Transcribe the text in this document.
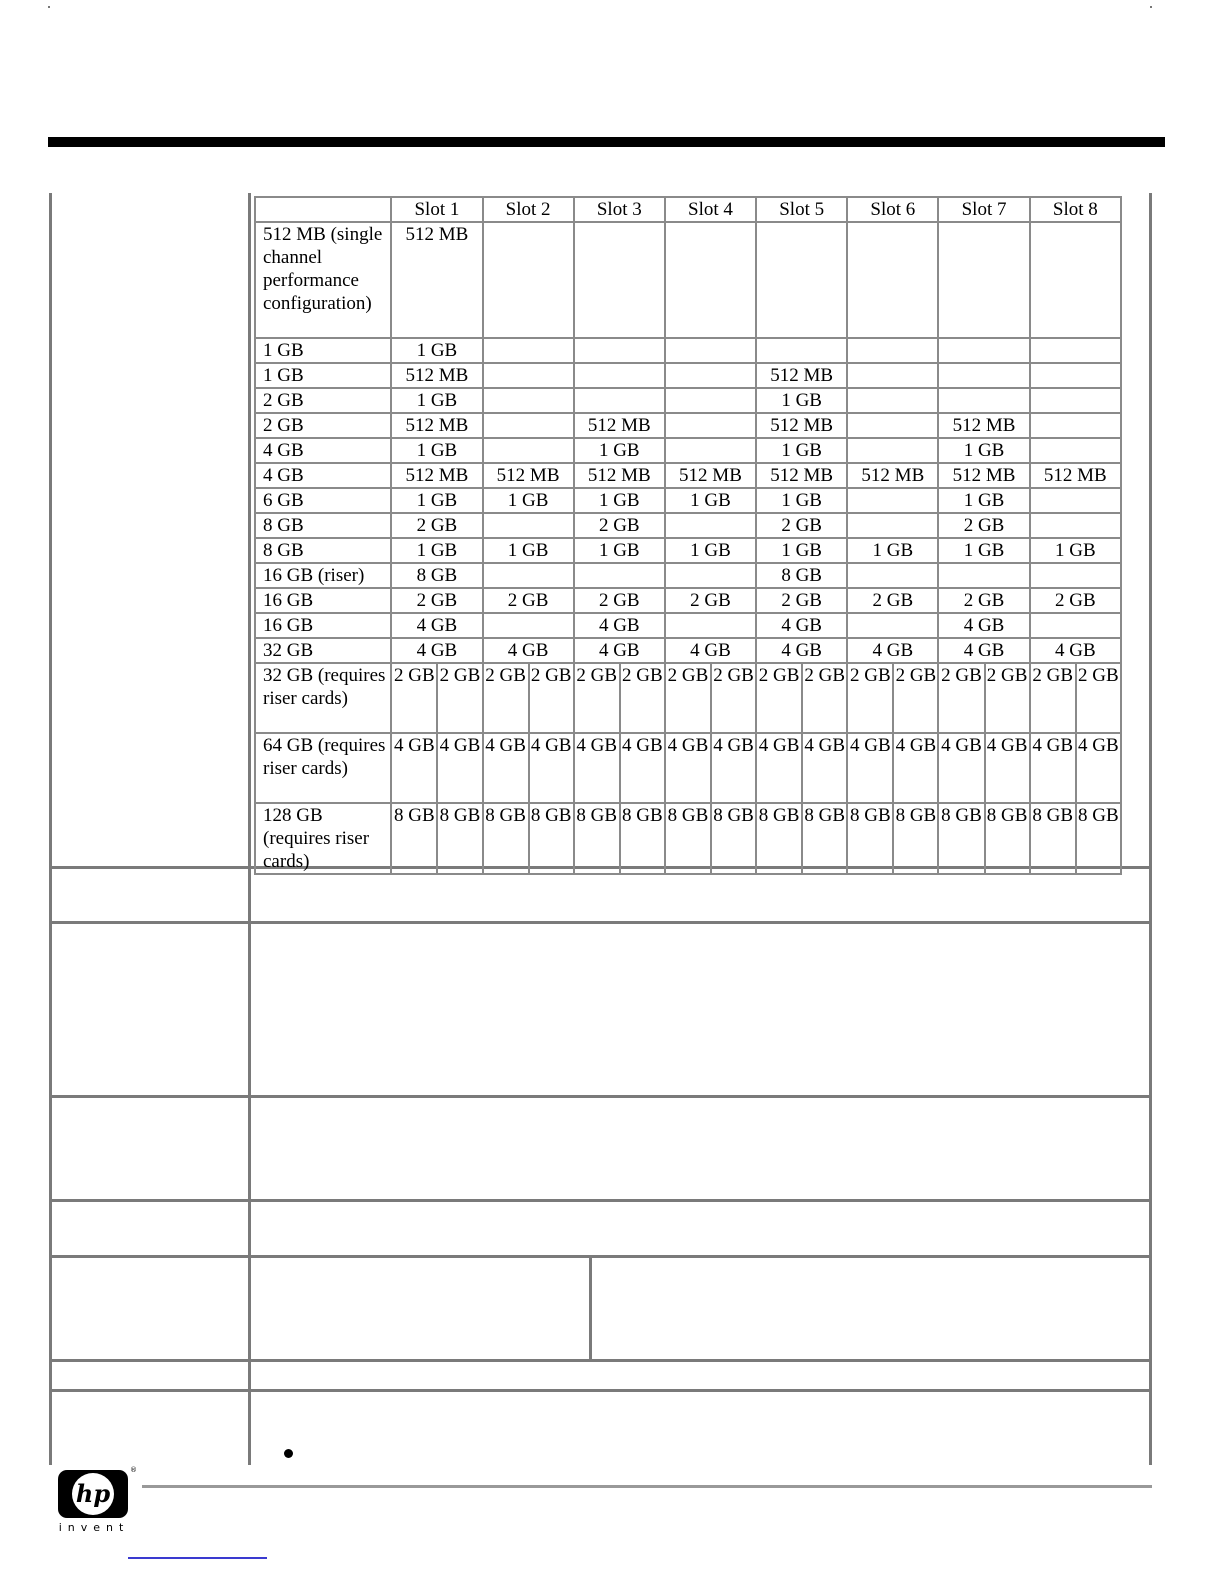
	Slot 1		Slot 2		Slot 3		Slot 4		Slot 5		Slot 6		Slot 7		Slot 8	
512 MB (single channel performance configuration)	512 MB															
1 GB	1 GB															
1 GB	512 MB								512 MB							
2 GB	1 GB								1 GB							
2 GB	512 MB				512 MB				512 MB				512 MB			
4 GB	1 GB				1 GB				1 GB				1 GB			
4 GB	512 MB		512 MB		512 MB		512 MB		512 MB		512 MB		512 MB		512 MB	
6 GB	1 GB		1 GB		1 GB		1 GB		1 GB				1 GB			
8 GB	2 GB				2 GB				2 GB				2 GB			
8 GB	1 GB		1 GB		1 GB		1 GB		1 GB		1 GB		1 GB		1 GB	
16 GB (riser)	8 GB								8 GB							
16 GB	2 GB		2 GB		2 GB		2 GB		2 GB		2 GB		2 GB		2 GB	
16 GB	4 GB				4 GB				4 GB				4 GB			
32 GB	4 GB		4 GB		4 GB		4 GB		4 GB		4 GB		4 GB		4 GB	
32 GB (requires riser cards)	2 GB	2 GB	2 GB	2 GB	2 GB	2 GB	2 GB	2 GB	2 GB	2 GB	2 GB	2 GB	2 GB	2 GB	2 GB	2 GB
64 GB (requires riser cards)	4 GB	4 GB	4 GB	4 GB	4 GB	4 GB	4 GB	4 GB	4 GB	4 GB	4 GB	4 GB	4 GB	4 GB	4 GB	4 GB
128 GB (requires riser cards)	8 GB	8 GB	8 GB	8 GB	8 GB	8 GB	8 GB	8 GB	8 GB	8 GB	8 GB	8 GB	8 GB	8 GB	8 GB	8 GB
hp
®
invent
